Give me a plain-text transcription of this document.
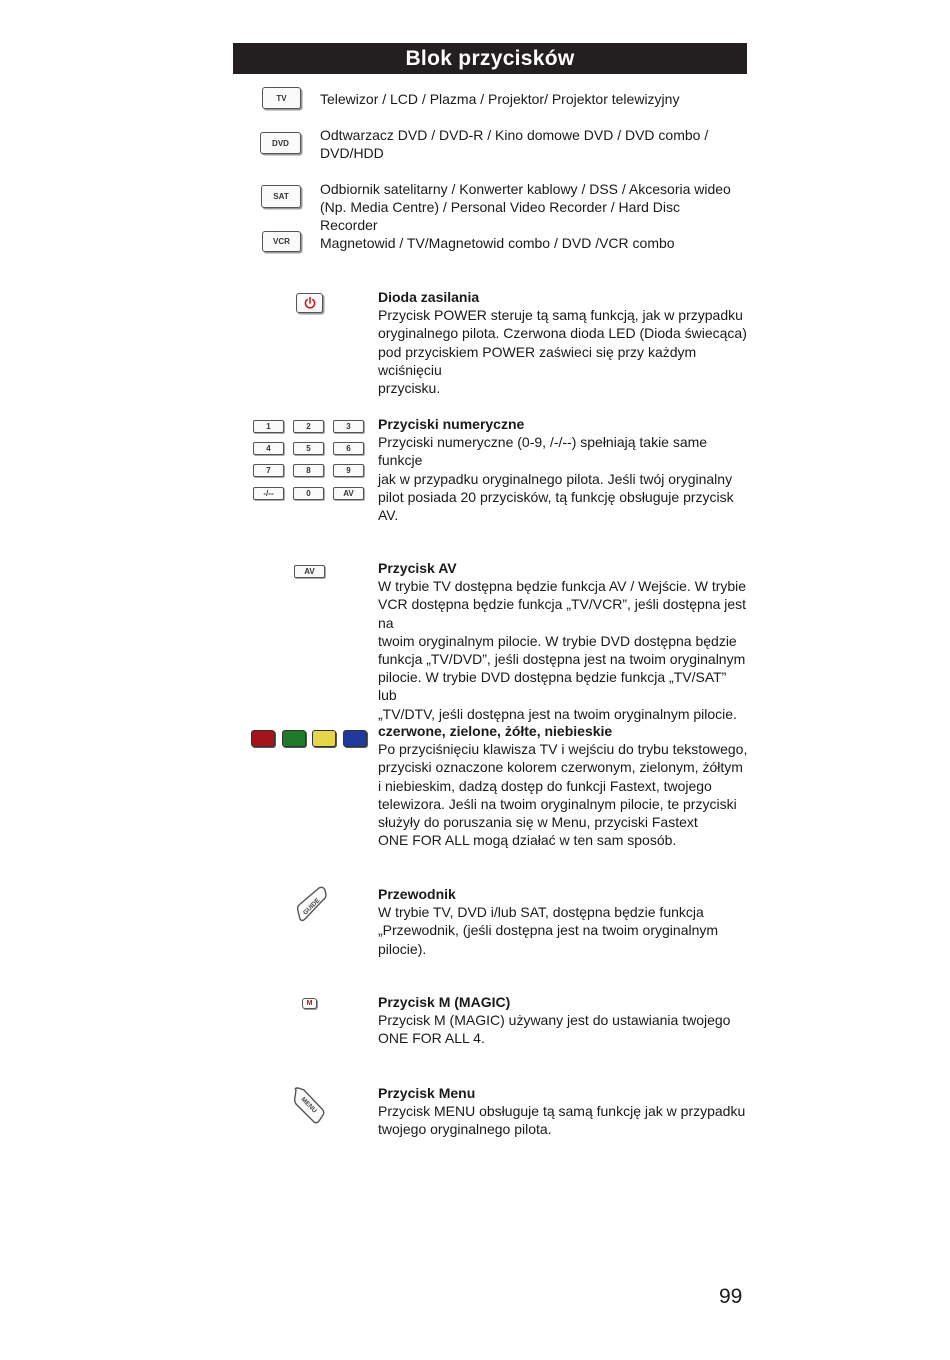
Blok przycisków
TV	Telewizor / LCD / Plazma / Projektor/ Projektor telewizyjny
DVD	Odtwarzacz DVD / DVD-R / Kino domowe DVD / DVD combo /
DVD/HDD
SAT	Odbiornik satelitarny / Konwerter kablowy / DSS / Akcesoria wideo
(Np. Media Centre) / Personal Video Recorder / Hard Disc Recorder
VCR	Magnetowid / TV/Magnetowid combo / DVD /VCR combo
Dioda zasilania
Przycisk POWER steruje tą samą funkcją, jak w przypadku
oryginalnego pilota. Czerwona dioda LED (Dioda świecąca)
pod przyciskiem POWER zaświeci się przy każdym wciśnięciu
przycisku.
1	2	3
4	5	6
7	8	9
-/--	0	AV
Przyciski numeryczne
Przyciski numeryczne (0-9, /-/--) spełniają takie same funkcje
jak w przypadku oryginalnego pilota. Jeśli twój oryginalny
pilot posiada 20 przycisków, tą funkcję obsługuje przycisk
AV.
AV	Przycisk AV
W trybie TV dostępna będzie funkcja AV / Wejście. W trybie
VCR dostępna będzie funkcja „TV/VCR”, jeśli dostępna jest na
twoim oryginalnym pilocie. W trybie DVD dostępna będzie
funkcja „TV/DVD”, jeśli dostępna jest na twoim oryginalnym
pilocie. W trybie DVD dostępna będzie funkcja „TV/SAT” lub
„TV/DTV, jeśli dostępna jest na twoim oryginalnym pilocie.
czerwone, zielone, żółte, niebieskie
Po przyciśnięciu klawisza TV i wejściu do trybu tekstowego,
przyciski oznaczone kolorem czerwonym, zielonym, żółtym
i niebieskim, dadzą dostęp do funkcji Fastext, twojego
telewizora. Jeśli na twoim oryginalnym pilocie, te przyciski
służyły do poruszania się w Menu, przyciski Fastext
ONE FOR ALL mogą działać w ten sam sposób.
GUIDE
Przewodnik
W trybie TV, DVD i/lub SAT, dostępna będzie funkcja
„Przewodnik, (jeśli dostępna jest na twoim oryginalnym
pilocie).
M	Przycisk M (MAGIC)
Przycisk M (MAGIC) używany jest do ustawiania twojego
ONE FOR ALL 4.
MENU
Przycisk Menu
Przycisk MENU obsługuje tą samą funkcję jak w przypadku
twojego oryginalnego pilota.
99
